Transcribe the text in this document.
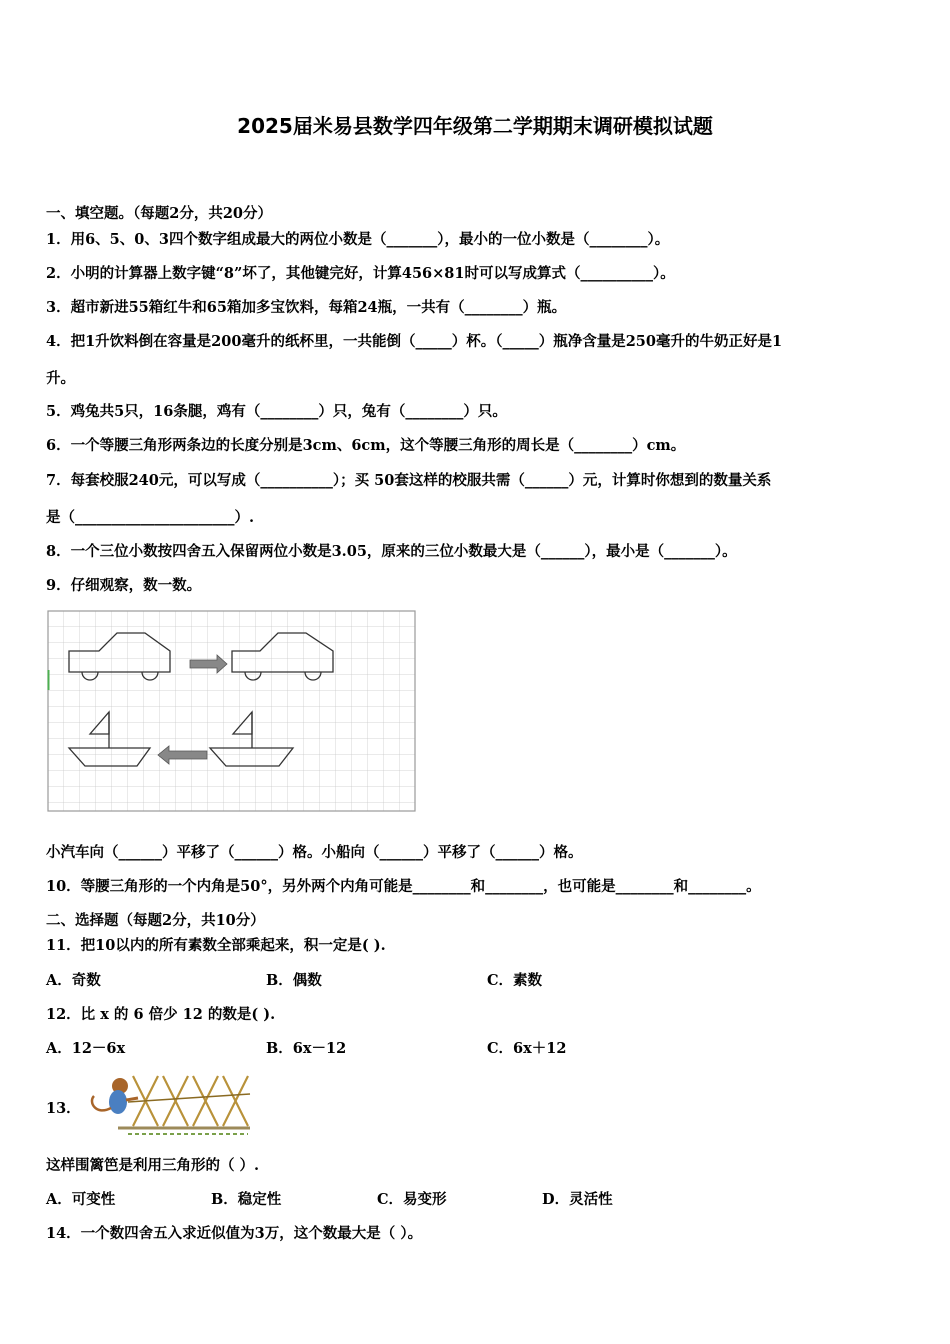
2025届米易县数学四年级第二学期期末调研模拟试题
一、填空题。（每题2分，共20分）
1．用6、5、0、3四个数字组成最大的两位小数是（_______），最小的一位小数是（________）。
2．小明的计算器上数字键“8”坏了，其他键完好，计算456×81时可以写成算式（__________）。
3．超市新进55箱红牛和65箱加多宝饮料，每箱24瓶，一共有（________）瓶。
4．把1升饮料倒在容量是200毫升的纸杯里，一共能倒（_____）杯。（_____）瓶净含量是250毫升的牛奶正好是1
升。
5．鸡兔共5只，16条腿，鸡有（________）只，兔有（________）只。
6．一个等腰三角形两条边的长度分别是3cm、6cm，这个等腰三角形的周长是（________）cm。
7．每套校服240元，可以写成（__________）；买 50套这样的校服共需（______）元，计算时你想到的数量关系
是（______________________）.
8．一个三位小数按四舍五入保留两位小数是3.05，原来的三位小数最大是（______），最小是（_______）。
9．仔细观察，数一数。
小汽车向（______）平移了（______）格。小船向（______）平移了（______）格。
10．等腰三角形的一个内角是50°，另外两个内角可能是________和________，也可能是________和________。
二、选择题（每题2分，共10分）
11．把10以内的所有素数全部乘起来，积一定是( ).
A．奇数	B．偶数	C．素数
12．比 x 的 6 倍少 12 的数是( ).
A．12－6x	B．6x－12	C．6x＋12
13．
这样围篱笆是利用三角形的（ ）.
A．可变性	B．稳定性	C．易变形	D．灵活性
14．一个数四舍五入求近似值为3万，这个数最大是（ ）。
